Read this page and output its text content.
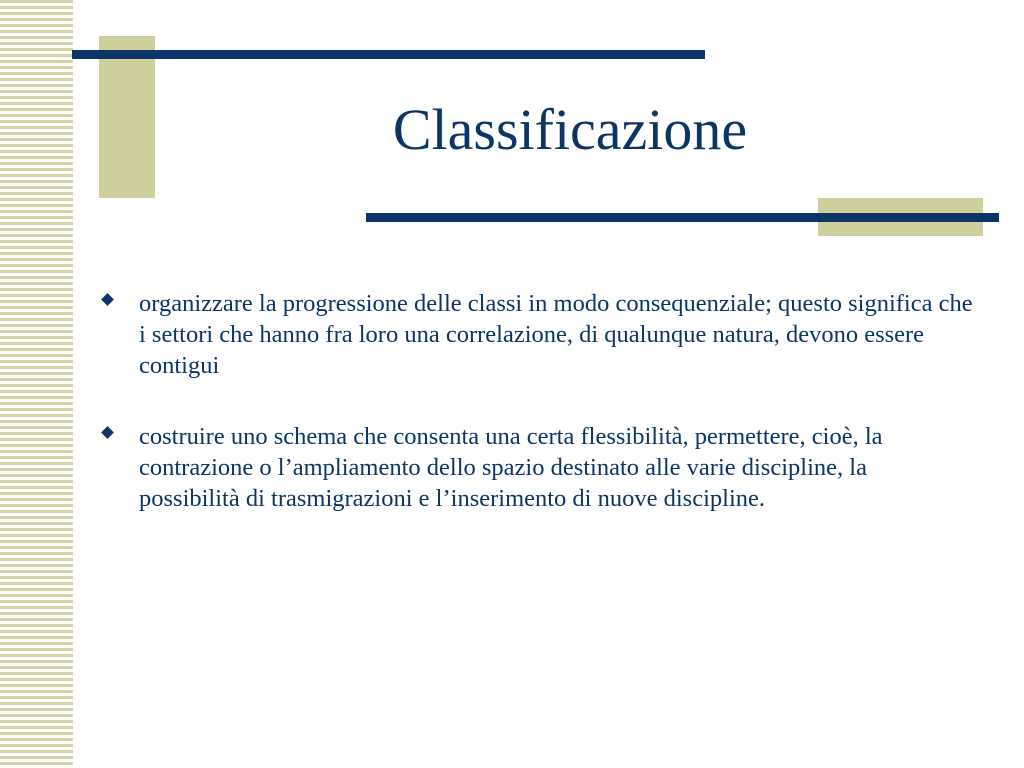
Classificazione
organizzare la progressione delle classi in modo consequenziale; questo significa che i settori che hanno fra loro una correlazione, di qualunque natura, devono essere contigui
costruire uno schema che consenta una certa flessibilità, permettere, cioè, la contrazione o l’ampliamento dello spazio destinato alle varie discipline, la possibilità di trasmigrazioni e l’inserimento di nuove discipline.
